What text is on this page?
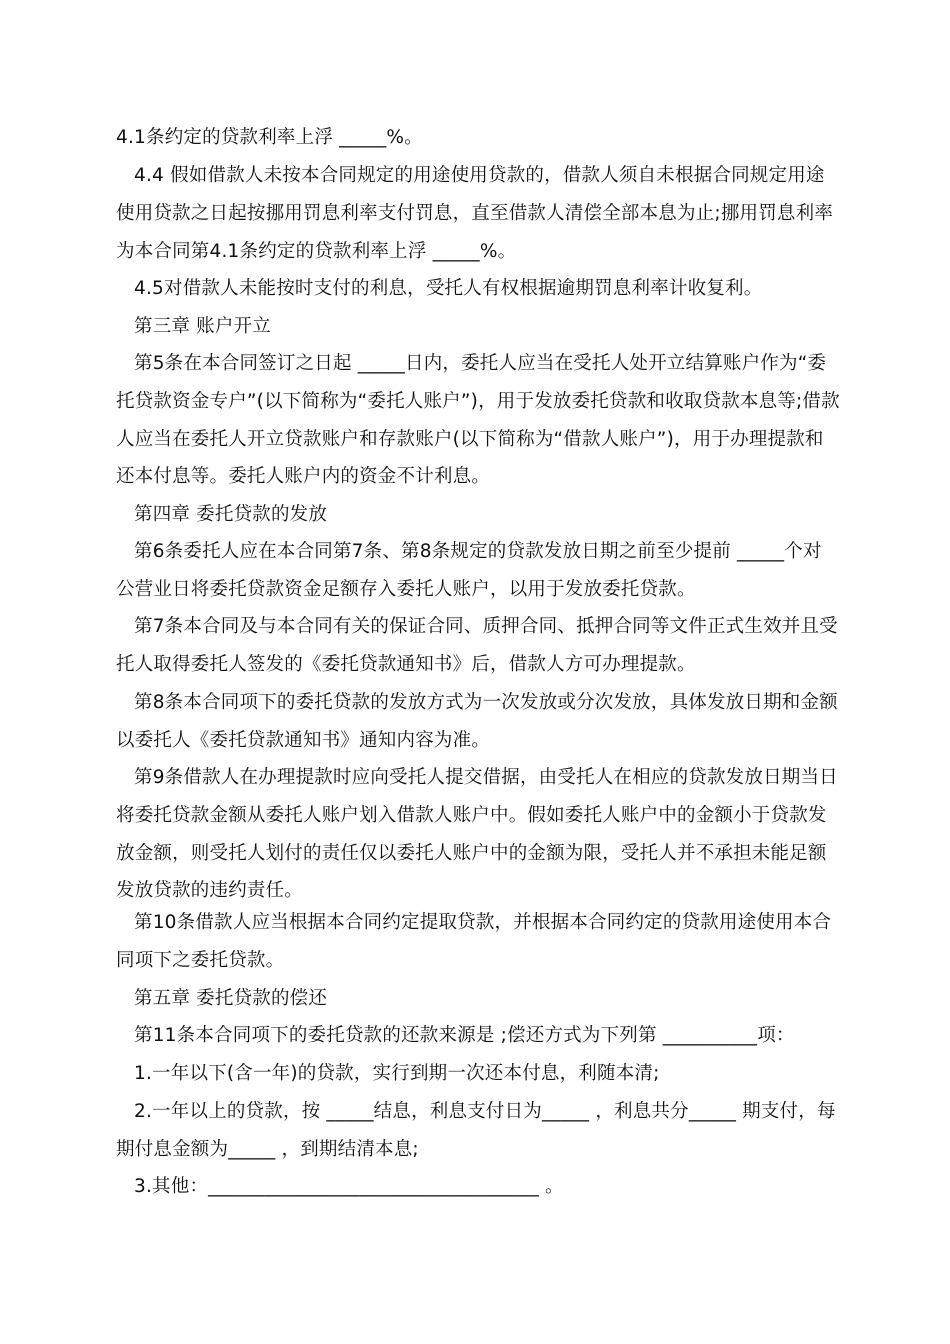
4.1条约定的贷款利率上浮 _____%。

4.4 假如借款人未按本合同规定的用途使用贷款的，借款人须自未根据合同规定用途使用贷款之日起按挪用罚息利率支付罚息，直至借款人清偿全部本息为止;挪用罚息利率为本合同第4.1条约定的贷款利率上浮 _____%。

4.5对借款人未能按时支付的利息，受托人有权根据逾期罚息利率计收复利。

第三章 账户开立

第5条在本合同签订之日起 _____日内，委托人应当在受托人处开立结算账户作为“委托贷款资金专户”(以下简称为“委托人账户”)，用于发放委托贷款和收取贷款本息等;借款人应当在委托人开立贷款账户和存款账户(以下简称为“借款人账户”)，用于办理提款和还本付息等。委托人账户内的资金不计利息。

第四章 委托贷款的发放

第6条委托人应在本合同第7条、第8条规定的贷款发放日期之前至少提前 _____个对公营业日将委托贷款资金足额存入委托人账户，以用于发放委托贷款。

第7条本合同及与本合同有关的保证合同、质押合同、抵押合同等文件正式生效并且受托人取得委托人签发的《委托贷款通知书》后，借款人方可办理提款。

第8条本合同项下的委托贷款的发放方式为一次发放或分次发放，具体发放日期和金额以委托人《委托贷款通知书》通知内容为准。

第9条借款人在办理提款时应向受托人提交借据，由受托人在相应的贷款发放日期当日将委托贷款金额从委托人账户划入借款人账户中。假如委托人账户中的金额小于贷款发放金额，则受托人划付的责任仅以委托人账户中的金额为限，受托人并不承担未能足额发放贷款的违约责任。

第10条借款人应当根据本合同约定提取贷款，并根据本合同约定的贷款用途使用本合同项下之委托贷款。

第五章 委托贷款的偿还

第11条本合同项下的委托贷款的还款来源是 ;偿还方式为下列第 __________项：

1.一年以下(含一年)的贷款，实行到期一次还本付息，利随本清;

2.一年以上的贷款，按 _____结息，利息支付日为_____ ，利息共分_____ 期支付，每期付息金额为_____ ，到期结清本息;

3.其他：___________________________________ 。
